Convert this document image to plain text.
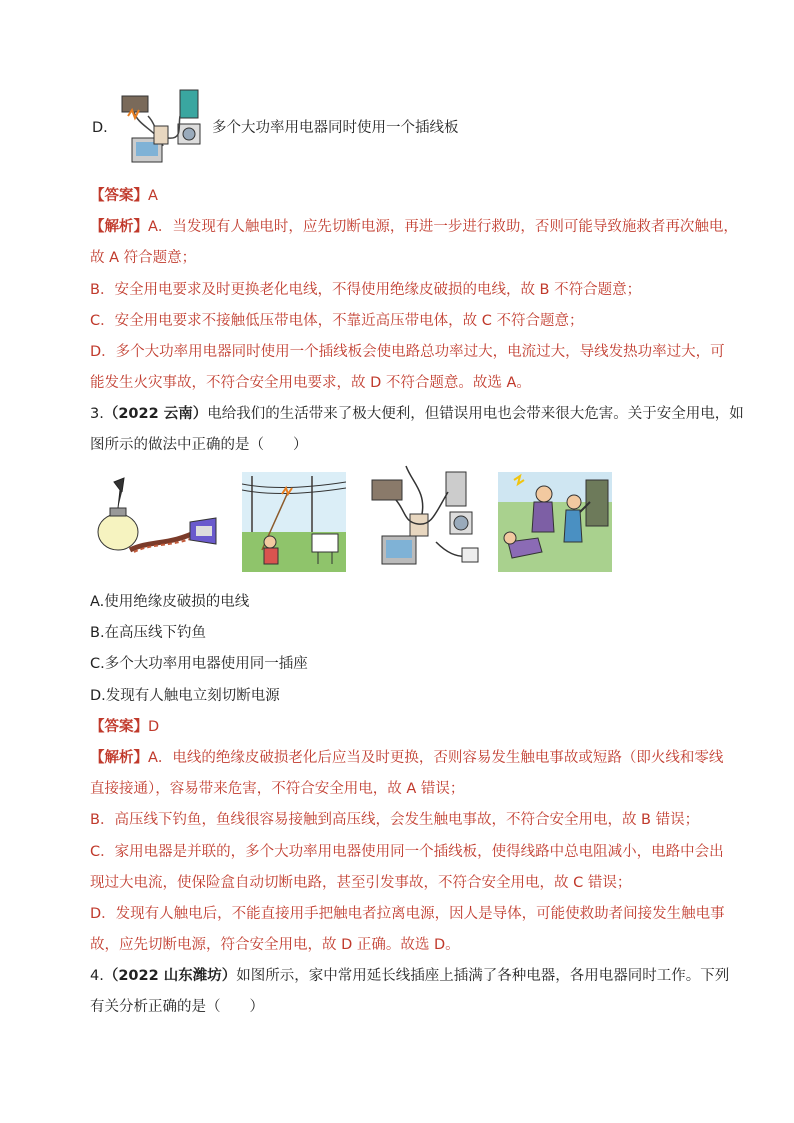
D.	多个大功率用电器同时使用一个插线板
【答案】A
【解析】A．当发现有人触电时，应先切断电源，再进一步进行救助，否则可能导致施救者再次触电，
故 A 符合题意；
B．安全用电要求及时更换老化电线，不得使用绝缘皮破损的电线，故 B 不符合题意；
C．安全用电要求不接触低压带电体，不靠近高压带电体，故 C 不符合题意；
D．多个大功率用电器同时使用一个插线板会使电路总功率过大，电流过大，导线发热功率过大，可
能发生火灾事故，不符合安全用电要求，故 D 不符合题意。故选 A。
3.（2022 云南）电给我们的生活带来了极大便利，但错误用电也会带来很大危害。关于安全用电，如
图所示的做法中正确的是（　　）
A.使用绝缘皮破损的电线
B.在高压线下钓鱼
C.多个大功率用电器使用同一插座
D.发现有人触电立刻切断电源
【答案】D
【解析】A．电线的绝缘皮破损老化后应当及时更换，否则容易发生触电事故或短路（即火线和零线
直接接通），容易带来危害，不符合安全用电，故 A 错误；
B．高压线下钓鱼，鱼线很容易接触到高压线，会发生触电事故，不符合安全用电，故 B 错误；
C．家用电器是并联的，多个大功率用电器使用同一个插线板，使得线路中总电阻减小，电路中会出
现过大电流，使保险盒自动切断电路，甚至引发事故，不符合安全用电，故 C 错误；
D．发现有人触电后，不能直接用手把触电者拉离电源，因人是导体，可能使救助者间接发生触电事
故，应先切断电源，符合安全用电，故 D 正确。故选 D。
4.（2022 山东潍坊）如图所示，家中常用延长线插座上插满了各种电器，各用电器同时工作。下列
有关分析正确的是（　　）
